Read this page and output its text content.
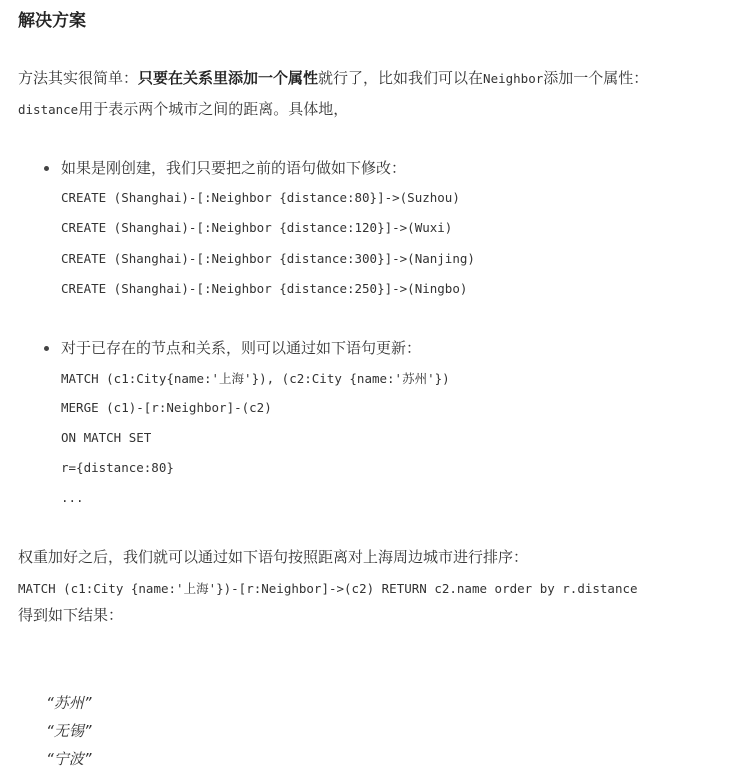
解决方案
方法其实很简单：只要在关系里添加一个属性就行了，比如我们可以在Neighbor添加一个属性：
distance用于表示两个城市之间的距离。具体地，
如果是刚创建，我们只要把之前的语句做如下修改：
CREATE (Shanghai)-[:Neighbor {distance:80}]->(Suzhou)
CREATE (Shanghai)-[:Neighbor {distance:120}]->(Wuxi)
CREATE (Shanghai)-[:Neighbor {distance:300}]->(Nanjing)
CREATE (Shanghai)-[:Neighbor {distance:250}]->(Ningbo)
对于已存在的节点和关系，则可以通过如下语句更新：
MATCH (c1:City{name:'上海'}), (c2:City {name:'苏州'})
MERGE (c1)-[r:Neighbor]-(c2)
ON MATCH SET
r={distance:80}
...
权重加好之后，我们就可以通过如下语句按照距离对上海周边城市进行排序：
MATCH (c1:City {name:'上海'})-[r:Neighbor]->(c2) RETURN c2.name order by r.distance
得到如下结果：
“苏州”
“无锡”
“宁波”
